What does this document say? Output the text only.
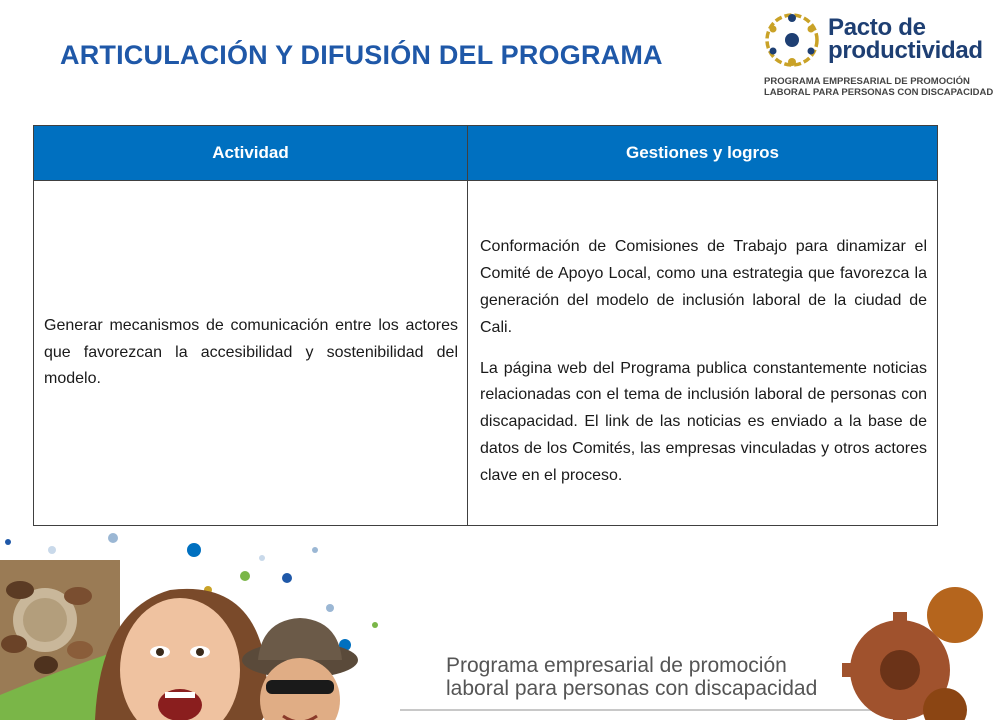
ARTICULACIÓN Y DIFUSIÓN DEL PROGRAMA
Pacto de
productividad
PROGRAMA EMPRESARIAL DE PROMOCIÓN
LABORAL PARA PERSONAS CON DISCAPACIDAD
Actividad	Gestiones y logros
Generar mecanismos de comunicación entre los actores que favorezcan la accesibilidad y sostenibilidad del modelo.	Conformación de Comisiones de Trabajo para dinamizar el Comité de Apoyo Local, como una estrategia que favorezca la generación del modelo de inclusión laboral de la ciudad de Cali.

La página web del Programa publica constantemente noticias relacionadas con el tema de inclusión laboral de personas con discapacidad. El link de las noticias es enviado a la base de datos de los Comités, las empresas vinculadas y otros actores clave en el proceso.

Programa empresarial de promoción
laboral para personas con discapacidad
